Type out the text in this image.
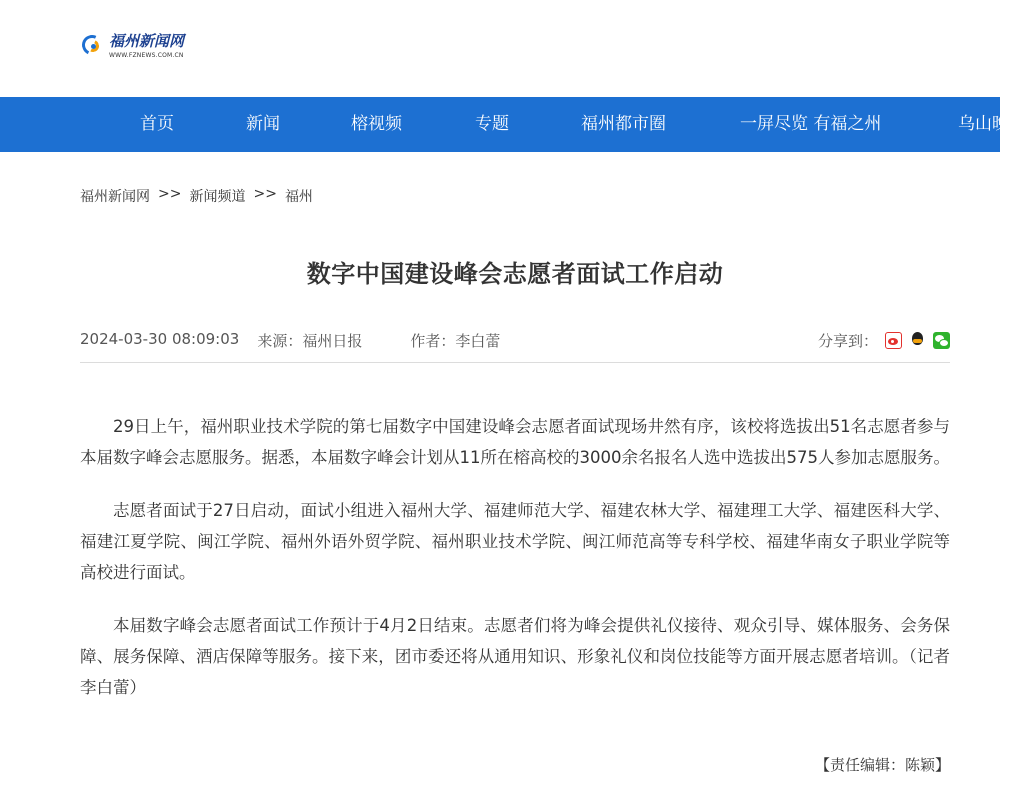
福州新闻网
WWW.FZNEWS.COM.CN
首页	新闻	榕视频	专题	福州都市圈	一屏尽览 有福之州	乌山晚
福州新闻网 >> 新闻频道 >> 福州
数字中国建设峰会志愿者面试工作启动
2024-03-30 08:09:03 来源： 福州日报	作者： 李白蕾	分享到：

29日上午，福州职业技术学院的第七届数字中国建设峰会志愿者面试现场井然有序，该校将选拔出51名志愿者参与本届数字峰会志愿服务。据悉，本届数字峰会计划从11所在榕高校的3000余名报名人选中选拔出575人参加志愿服务。

志愿者面试于27日启动，面试小组进入福州大学、福建师范大学、福建农林大学、福建理工大学、福建医科大学、福建江夏学院、闽江学院、福州外语外贸学院、福州职业技术学院、闽江师范高等专科学校、福建华南女子职业学院等高校进行面试。

本届数字峰会志愿者面试工作预计于4月2日结束。志愿者们将为峰会提供礼仪接待、观众引导、媒体服务、会务保障、展务保障、酒店保障等服务。接下来，团市委还将从通用知识、形象礼仪和岗位技能等方面开展志愿者培训。（记者 李白蕾）

【责任编辑：陈颖】
